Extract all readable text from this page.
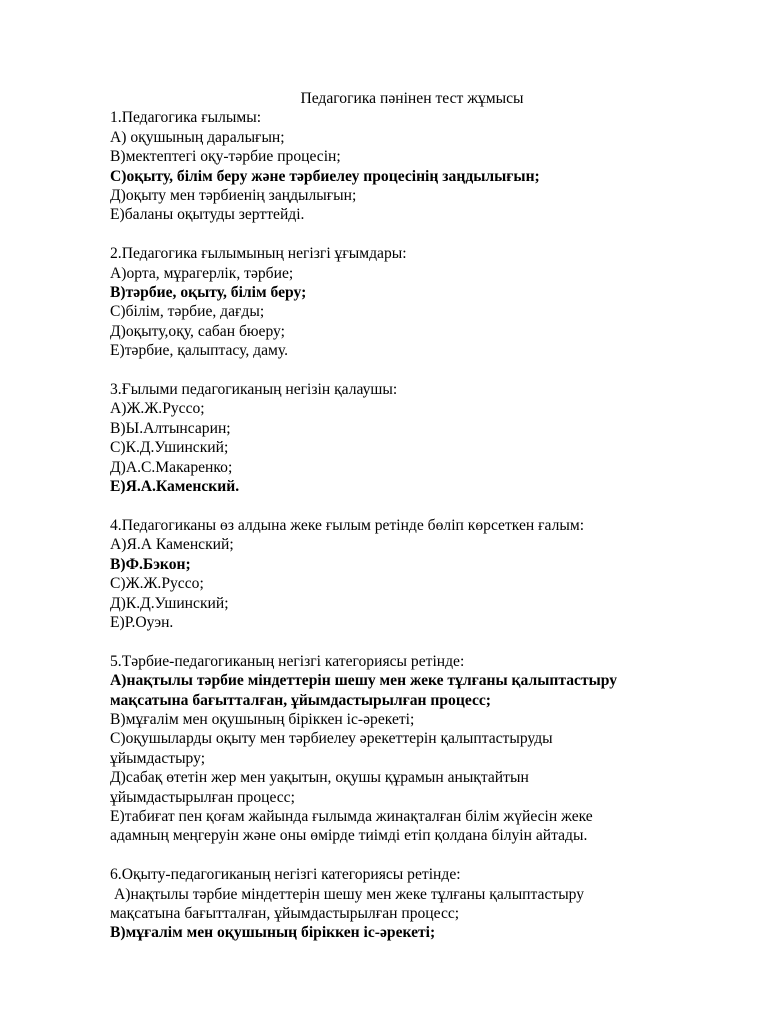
Педагогика пәнінен тест жұмысы

1.Педагогика ғылымы:

А) оқушының даралығын;

В)мектептегі оқу-тәрбие процесін;

С)оқыту, білім беру және тәрбиелеу процесінің заңдылығын;

Д)оқыту мен тәрбиенің заңдылығын;

Е)баланы оқытуды зерттейді.

2.Педагогика ғылымының негізгі ұғымдары:

А)орта, мұрагерлік, тәрбие;

В)тәрбие, оқыту, білім беру;

С)білім, тәрбие, дағды;

Д)оқыту,оқу, сабан бюеру;

Е)тәрбие, қалыптасу, даму.

3.Ғылыми педагогиканың негізін қалаушы:

А)Ж.Ж.Руссо;

В)Ы.Алтынсарин;

С)К.Д.Ушинский;

Д)А.С.Макаренко;

Е)Я.А.Каменский.

4.Педагогиканы өз алдына жеке ғылым ретінде бөліп көрсеткен ғалым:

А)Я.А Каменский;

В)Ф.Бэкон;

С)Ж.Ж.Руссо;

Д)К.Д.Ушинский;

Е)Р.Оуэн.

5.Тәрбие-педагогиканың негізгі категориясы ретінде:

А)нақтылы тәрбие міндеттерін шешу мен жеке тұлғаны қалыптастыру

мақсатына бағытталған, ұйымдастырылған процесс;

В)мұғалім мен оқушының біріккен іс-әрекеті;

С)оқушыларды оқыту мен тәрбиелеу әрекеттерін қалыптастыруды

ұйымдастыру;

Д)сабақ өтетін жер мен уақытын, оқушы құрамын анықтайтын

ұйымдастырылған процесс;

Е)табиғат пен қоғам жайында ғылымда жинақталған білім жүйесін жеке

адамның меңгеруін және оны өмірде тиімді етіп қолдана білуін айтады.

6.Оқыту-педагогиканың негізгі категориясы ретінде:

А)нақтылы тәрбие міндеттерін шешу мен жеке тұлғаны қалыптастыру

мақсатына бағытталған, ұйымдастырылған процесс;

В)мұғалім мен оқушының біріккен іс-әрекеті;
